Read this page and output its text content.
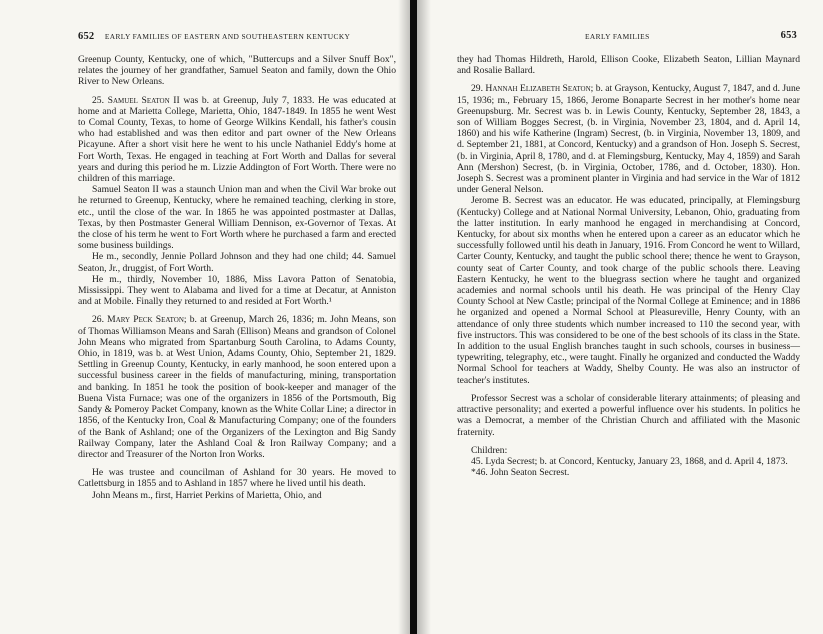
652 EARLY FAMILIES OF EASTERN AND SOUTHEASTERN KENTUCKY

Greenup County, Kentucky, one of which, "Buttercups and a Silver Snuff Box", relates the journey of her grandfather, Samuel Seaton and family, down the Ohio River to New Orleans.

25. Samuel Seaton II was b. at Greenup, July 7, 1833. He was educated at home and at Marietta College, Marietta, Ohio, 1847-1849. In 1855 he went West to Comal County, Texas, to home of George Wilkins Kendall, his father's cousin who had established and was then editor and part owner of the New Orleans Picayune. After a short visit here he went to his uncle Nathaniel Eddy's home at Fort Worth, Texas. He engaged in teaching at Fort Worth and Dallas for several years and during this period he m. Lizzie Addington of Fort Worth. There were no children of this marriage.

Samuel Seaton II was a staunch Union man and when the Civil War broke out he returned to Greenup, Kentucky, where he remained teaching, clerking in store, etc., until the close of the war. In 1865 he was appointed postmaster at Dallas, Texas, by then Postmaster General William Dennison, ex-Governor of Texas. At the close of his term he went to Fort Worth where he purchased a farm and erected some business buildings.

He m., secondly, Jennie Pollard Johnson and they had one child; 44. Samuel Seaton, Jr., druggist, of Fort Worth.

He m., thirdly, November 10, 1886, Miss Lavora Patton of Senatobia, Mississippi. They went to Alabama and lived for a time at Decatur, at Anniston and at Mobile. Finally they returned to and resided at Fort Worth.¹

26. Mary Peck Seaton; b. at Greenup, March 26, 1836; m. John Means, son of Thomas Williamson Means and Sarah (Ellison) Means and grandson of Colonel John Means who migrated from Spartanburg South Carolina, to Adams County, Ohio, in 1819, was b. at West Union, Adams County, Ohio, September 21, 1829. Settling in Greenup County, Kentucky, in early manhood, he soon entered upon a successful business career in the fields of manufacturing, mining, transportation and banking. In 1851 he took the position of book-keeper and manager of the Buena Vista Furnace; was one of the organizers in 1856 of the Portsmouth, Big Sandy & Pomeroy Packet Company, known as the White Collar Line; a director in 1856, of the Kentucky Iron, Coal & Manufacturing Company; one of the founders of the Bank of Ashland; one of the Organizers of the Lexington and Big Sandy Railway Company, later the Ashland Coal & Iron Railway Company; and a director and Treasurer of the Norton Iron Works.

He was trustee and councilman of Ashland for 30 years. He moved to Catlettsburg in 1855 and to Ashland in 1857 where he lived until his death.

John Means m., first, Harriet Perkins of Marietta, Ohio, and

EARLY FAMILIES	653

they had Thomas Hildreth, Harold, Ellison Cooke, Elizabeth Seaton, Lillian Maynard and Rosalie Ballard.

29. Hannah Elizabeth Seaton; b. at Grayson, Kentucky, August 7, 1847, and d. June 15, 1936; m., February 15, 1866, Jerome Bonaparte Secrest in her mother's home near Greenupsburg. Mr. Secrest was b. in Lewis County, Kentucky, September 28, 1843, a son of William Bogges Secrest, (b. in Virginia, November 23, 1804, and d. April 14, 1860) and his wife Katherine (Ingram) Secrest, (b. in Virginia, November 13, 1809, and d. September 21, 1881, at Concord, Kentucky) and a grandson of Hon. Joseph S. Secrest, (b. in Virginia, April 8, 1780, and d. at Flemingsburg, Kentucky, May 4, 1859) and Sarah Ann (Mershon) Secrest, (b. in Virginia, October, 1786, and d. October, 1830). Hon. Joseph S. Secrest was a prominent planter in Virginia and had service in the War of 1812 under General Nelson.

Jerome B. Secrest was an educator. He was educated, principally, at Flemingsburg (Kentucky) College and at National Normal University, Lebanon, Ohio, graduating from the latter institution. In early manhood he engaged in merchandising at Concord, Kentucky, for about six months when he entered upon a career as an educator which he successfully followed until his death in January, 1916. From Concord he went to Willard, Carter County, Kentucky, and taught the public school there; thence he went to Grayson, county seat of Carter County, and took charge of the public schools there. Leaving Eastern Kentucky, he went to the bluegrass section where he taught and organized academies and normal schools until his death. He was principal of the Henry Clay County School at New Castle; principal of the Normal College at Eminence; and in 1886 he organized and opened a Normal School at Pleasureville, Henry County, with an attendance of only three students which number increased to 110 the second year, with five instructors. This was considered to be one of the best schools of its class in the State. In addition to the usual English branches taught in such schools, courses in business—typewriting, telegraphy, etc., were taught. Finally he organized and conducted the Waddy Normal School for teachers at Waddy, Shelby County. He was also an instructor of teacher's institutes.

Professor Secrest was a scholar of considerable literary attainments; of pleasing and attractive personality; and exerted a powerful influence over his students. In politics he was a Democrat, a member of the Christian Church and affiliated with the Masonic fraternity.

Children:

45. Lyda Secrest; b. at Concord, Kentucky, January 23, 1868, and d. April 4, 1873.

*46. John Seaton Secrest.
